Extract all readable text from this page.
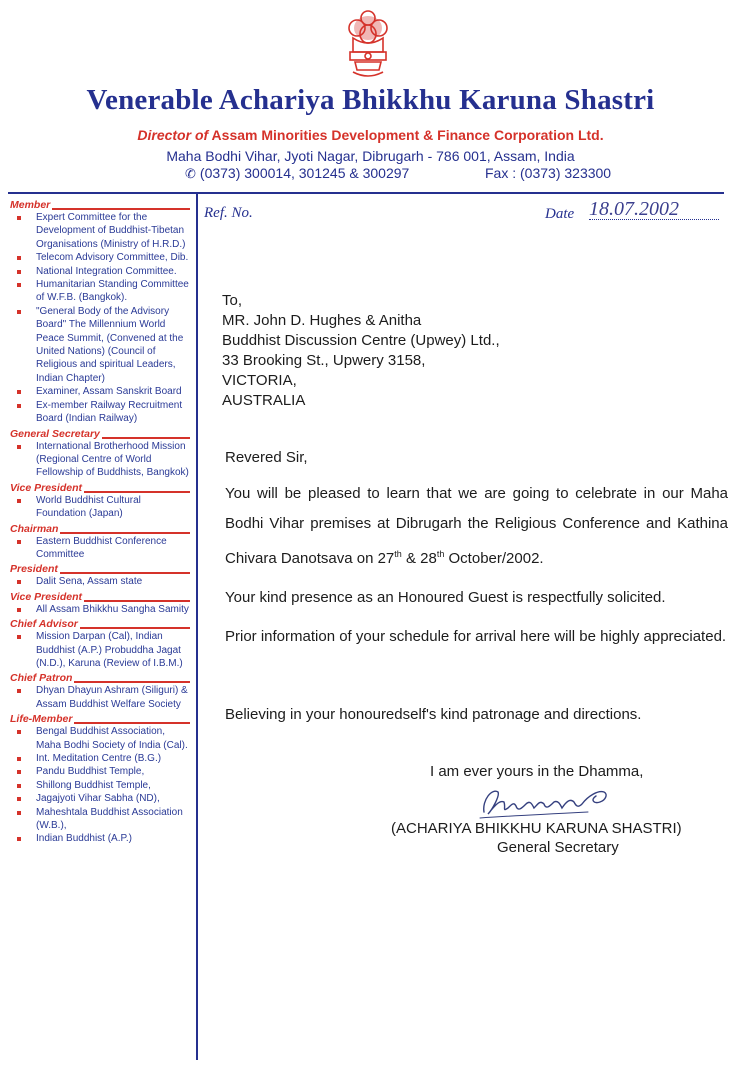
Venerable Achariya Bhikkhu Karuna Shastri
Director of Assam Minorities Development & Finance Corporation Ltd.
Maha Bodhi Vihar, Jyoti Nagar, Dibrugarh - 786 001, Assam, India
✆ (0373) 300014, 301245 & 300297	Fax : (0373) 323300
Member
Expert Committee for the Development of Buddhist-Tibetan Organisations (Ministry of H.R.D.)
Telecom Advisory Committee, Dib.
National Integration Committee.
Humanitarian Standing Committee of W.F.B. (Bangkok).
"General Body of the Advisory Board" The Millennium World Peace Summit, (Convened at the United Nations) (Council of Religious and spiritual Leaders, Indian Chapter)
Examiner, Assam Sanskrit Board
Ex-member Railway Recruitment Board (Indian Railway)
General Secretary
International Brotherhood Mission (Regional Centre of World Fellowship of Buddhists, Bangkok)
Vice President
World Buddhist Cultural Foundation (Japan)
Chairman
Eastern Buddhist Conference Committee
President
Dalit Sena, Assam state
Vice President
All Assam Bhikkhu Sangha Samity
Chief Advisor
Mission Darpan (Cal), Indian Buddhist (A.P.) Probuddha Jagat (N.D.), Karuna (Review of I.B.M.)
Chief Patron
Dhyan Dhayun Ashram (Siliguri) & Assam Buddhist Welfare Society
Life-Member
Bengal Buddhist Association, Maha Bodhi Society of India (Cal).
Int. Meditation Centre (B.G.)
Pandu Buddhist Temple,
Shillong Buddhist Temple,
Jagajyoti Vihar Sabha (ND),
Maheshtala Buddhist Association (W.B.),
Indian Buddhist (A.P.)
Ref. No.	Date 18.07.2002
To,
MR. John D. Hughes & Anitha
Buddhist Discussion Centre (Upwey) Ltd.,
33 Brooking St., Upwery 3158,
VICTORIA,
AUSTRALIA
Revered Sir,
You will be pleased to learn that we are going to celebrate in our Maha Bodhi Vihar premises at Dibrugarh the Religious Conference and Kathina Chivara Danotsava on 27th & 28th October/2002.
Your kind presence as an Honoured Guest is respectfully solicited.
Prior information of your schedule for arrival here will be highly appreciated.
Believing in your honouredself's kind patronage and directions.
I am ever yours in the Dhamma,
(ACHARIYA BHIKKHU KARUNA SHASTRI)
General Secretary
